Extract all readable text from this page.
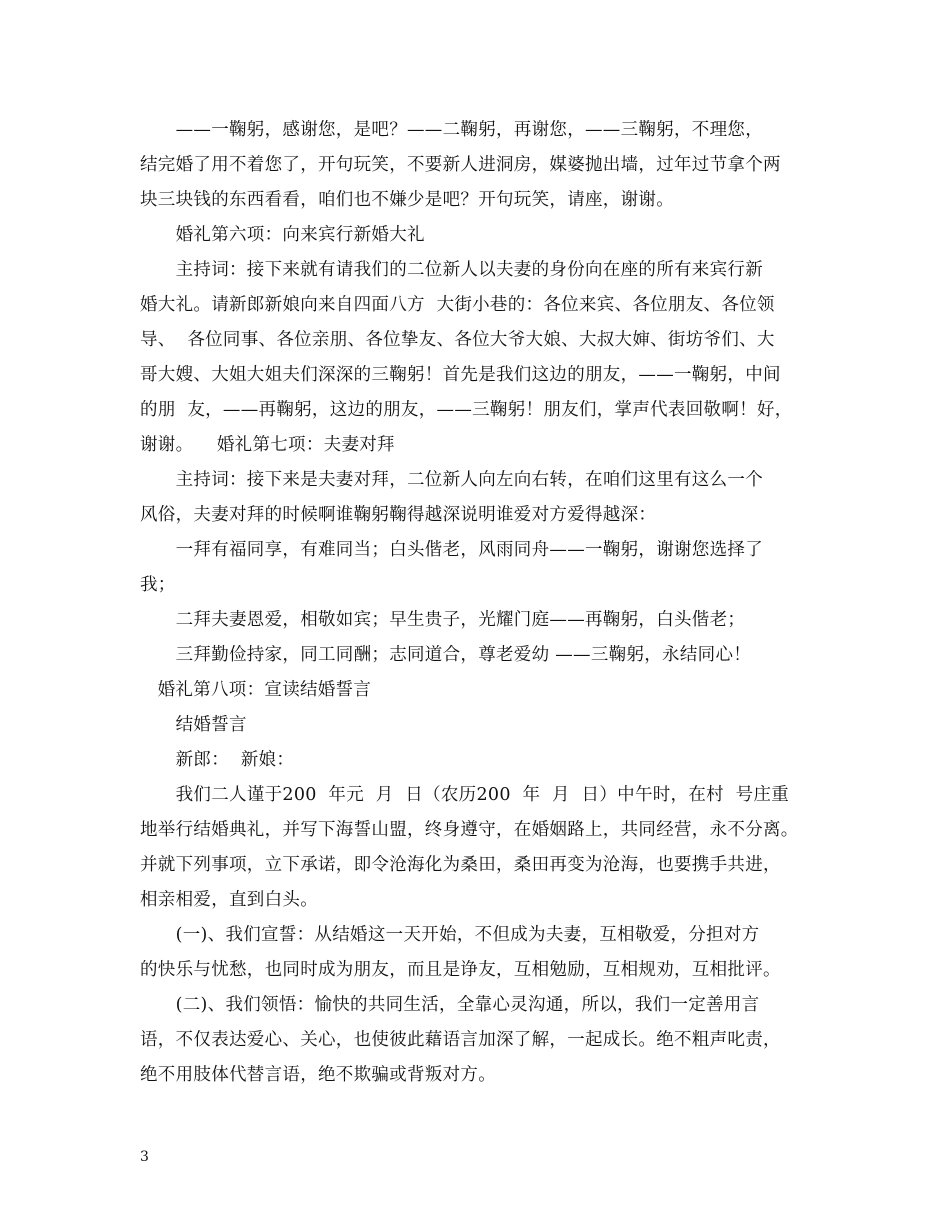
　　——一鞠躬，感谢您，是吧？——二鞠躬，再谢您，——三鞠躬，不理您，
结完婚了用不着您了，开句玩笑，不要新人进洞房，媒婆抛出墙，过年过节拿个两
块三块钱的东西看看，咱们也不嫌少是吧？开句玩笑，请座，谢谢。
　　婚礼第六项：向来宾行新婚大礼
　　主持词：接下来就有请我们的二位新人以夫妻的身份向在座的所有来宾行新
婚大礼。请新郎新娘向来自四面八方  大街小巷的：各位来宾、各位朋友、各位领
导、  各位同事、各位亲朋、各位挚友、各位大爷大娘、大叔大婶、街坊爷们、大
哥大嫂、大姐大姐夫们深深的三鞠躬！首先是我们这边的朋友，——一鞠躬，中间
的朋  友，——再鞠躬，这边的朋友，——三鞠躬！朋友们，掌声代表回敬啊！好，
谢谢。    婚礼第七项：夫妻对拜
　　主持词：接下来是夫妻对拜，二位新人向左向右转，在咱们这里有这么一个
风俗，夫妻对拜的时候啊谁鞠躬鞠得越深说明谁爱对方爱得越深：
　　一拜有福同享，有难同当；白头偕老，风雨同舟——一鞠躬，谢谢您选择了
我；
　　二拜夫妻恩爱，相敬如宾；早生贵子，光耀门庭——再鞠躬，白头偕老；
　　三拜勤俭持家，同工同酬；志同道合，尊老爱幼 ——三鞠躬，永结同心！
婚礼第八项：宣读结婚誓言
　　结婚誓言
　　新郎：  新娘：
　　我们二人谨于200  年元  月  日（农历200  年  月  日）中午时，在村  号庄重
地举行结婚典礼，并写下海誓山盟，终身遵守，在婚姻路上，共同经营，永不分离。
并就下列事项，立下承诺，即令沧海化为桑田，桑田再变为沧海，也要携手共进，
相亲相爱，直到白头。
　　(一)、我们宣誓：从结婚这一天开始，不但成为夫妻，互相敬爱，分担对方
的快乐与忧愁，也同时成为朋友，而且是诤友，互相勉励，互相规劝，互相批评。
　　(二)、我们领悟：愉快的共同生活，全靠心灵沟通，所以，我们一定善用言
语，不仅表达爱心、关心，也使彼此藉语言加深了解，一起成长。绝不粗声叱责，
绝不用肢体代替言语，绝不欺骗或背叛对方。
3
